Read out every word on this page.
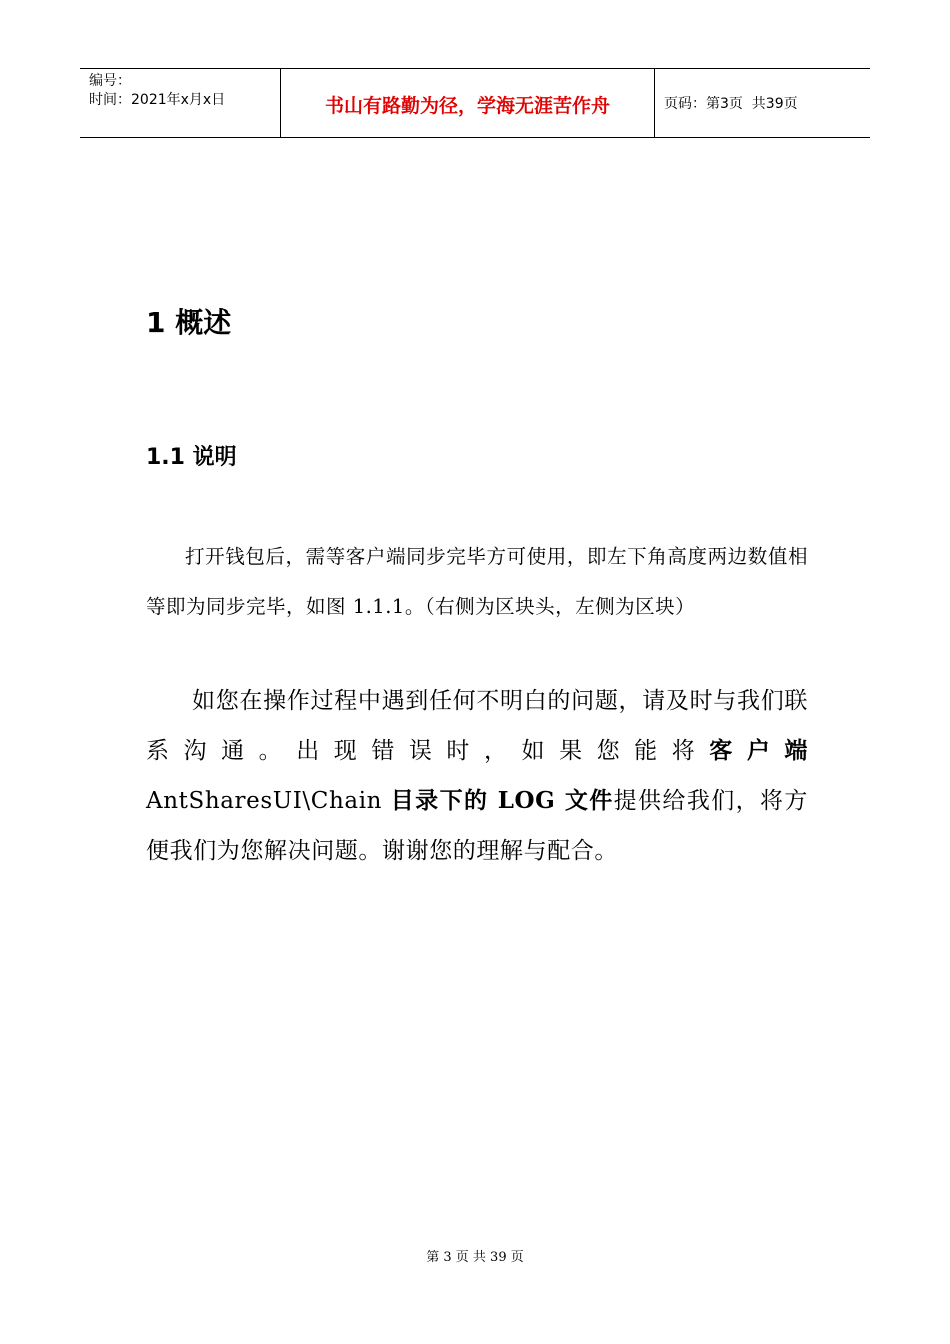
编号：
时间：2021年x月x日	书山有路勤为径，学海无涯苦作舟	页码：第3页  共39页
1 概述
1.1 说明

打开钱包后，需等客户端同步完毕方可使用，即左下角高度两边数值相等即为同步完毕，如图 1.1.1。（右侧为区块头，左侧为区块）

如您在操作过程中遇到任何不明白的问题，请及时与我们联系沟通。出现错误时，如果您能将客户端 AntSharesUI\Chain 目录下的 LOG 文件提供给我们，将方便我们为您解决问题。谢谢您的理解与配合。

第 3 页 共 39 页
